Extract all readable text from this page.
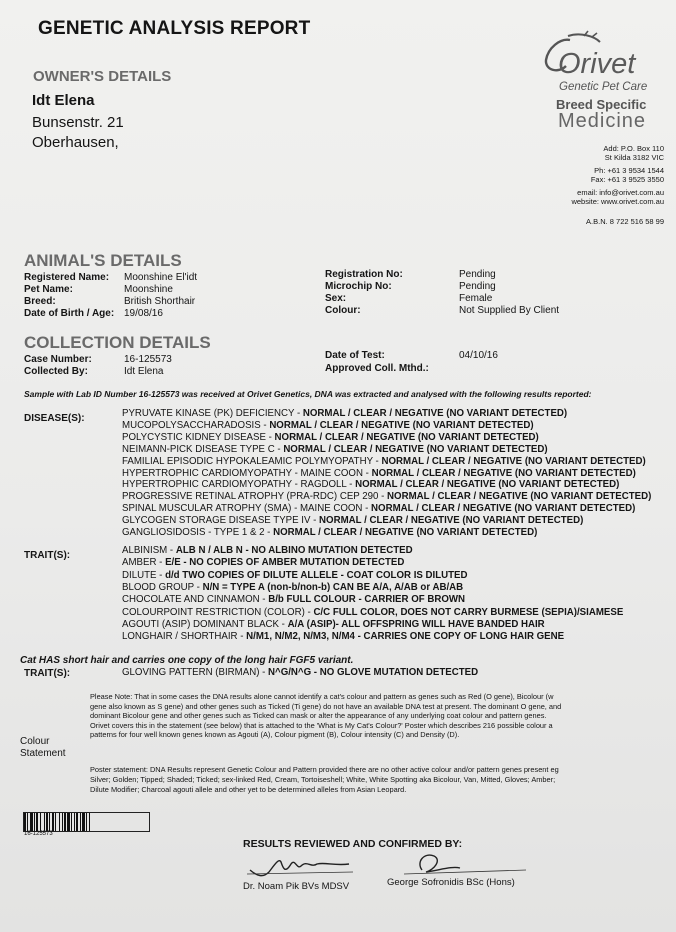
GENETIC ANALYSIS REPORT
OWNER'S DETAILS
Idt Elena
Bunsenstr. 21
Oberhausen,
Orivet
Genetic Pet Care
Breed Specific
Medicine
Add: P.O. Box 110
St Kilda 3182 VIC
Ph: +61 3 9534 1544
Fax: +61 3 9525 3550
email: info@orivet.com.au
website: www.orivet.com.au
A.B.N. 8 722 516 58 99
ANIMAL'S DETAILS
Registered Name: Moonshine El'idt
Pet Name:	Moonshine
Breed:	British Shorthair
Date of Birth / Age: 19/08/16
Registration No:	Pending
Microchip No:	Pending
Sex:	Female
Colour:	Not Supplied By Client
COLLECTION DETAILS
Case Number:	16-125573
Collected By:	Idt Elena
Date of Test:	04/10/16
Approved Coll. Mthd.:
Sample with Lab ID Number 16-125573 was received at Orivet Genetics, DNA was extracted and analysed with the following results reported:
DISEASE(S):	PYRUVATE KINASE (PK) DEFICIENCY - NORMAL / CLEAR / NEGATIVE (NO VARIANT DETECTED)
MUCOPOLYSACCHARADOSIS - NORMAL / CLEAR / NEGATIVE (NO VARIANT DETECTED)
POLYCYSTIC KIDNEY DISEASE - NORMAL / CLEAR / NEGATIVE (NO VARIANT DETECTED)
NEIMANN-PICK DISEASE TYPE C - NORMAL / CLEAR / NEGATIVE (NO VARIANT DETECTED)
FAMILIAL EPISODIC HYPOKALEAMIC POLYMYOPATHY - NORMAL / CLEAR / NEGATIVE (NO VARIANT DETECTED)
HYPERTROPHIC CARDIOMYOPATHY - MAINE COON - NORMAL / CLEAR / NEGATIVE (NO VARIANT DETECTED)
HYPERTROPHIC CARDIOMYOPATHY - RAGDOLL - NORMAL / CLEAR / NEGATIVE (NO VARIANT DETECTED)
PROGRESSIVE RETINAL ATROPHY (PRA-RDC) CEP 290 - NORMAL / CLEAR / NEGATIVE (NO VARIANT DETECTED)
SPINAL MUSCULAR ATROPHY (SMA) - MAINE COON - NORMAL / CLEAR / NEGATIVE (NO VARIANT DETECTED)
GLYCOGEN STORAGE DISEASE TYPE IV - NORMAL / CLEAR / NEGATIVE (NO VARIANT DETECTED)
GANGLIOSIDOSIS - TYPE 1 & 2 - NORMAL / CLEAR / NEGATIVE (NO VARIANT DETECTED)
TRAIT(S):	ALBINISM - ALB N / ALB N - NO ALBINO MUTATION DETECTED
AMBER - E/E - NO COPIES OF AMBER MUTATION DETECTED
DILUTE - d/d TWO COPIES OF DILUTE ALLELE - COAT COLOR IS DILUTED
BLOOD GROUP - N/N = TYPE A (non-b/non-b) CAN BE A/A, A/AB or AB/AB
CHOCOLATE AND CINNAMON - B/b FULL COLOUR - CARRIER OF BROWN
COLOURPOINT RESTRICTION (COLOR) - C/C FULL COLOR, DOES NOT CARRY BURMESE (SEPIA)/SIAMESE
AGOUTI (ASIP) DOMINANT BLACK - A/A (ASIP)- ALL OFFSPRING WILL HAVE BANDED HAIR
LONGHAIR / SHORTHAIR - N/M1, N/M2, N/M3, N/M4 - CARRIES ONE COPY OF LONG HAIR GENE
Cat HAS short hair and carries one copy of the long hair FGF5 variant.
TRAIT(S):	GLOVING PATTERN (BIRMAN) - N^G/N^G - NO GLOVE MUTATION DETECTED
Colour
Statement
Please Note: That in some cases the DNA results alone cannot identify a cat's colour and pattern as genes such as Red (O gene), Bicolour (w
gene also known as S gene) and other genes such as Ticked (Ti gene) do not have an available DNA test at present. The dominant O gene, and
dominant Bicolour gene and other genes such as Ticked can mask or alter the appearance of any underlying coat colour and pattern genes.
Orivet covers this in the statement (see below) that is attached to the 'What is My Cat's Colour?' Poster which describes 216 possible colour a
patterns for four well known genes known as Agouti (A), Colour pigment (B), Colour intensity (C) and Density (D).
Poster statement: DNA Results represent Genetic Colour and Pattern provided there are no other active colour and/or pattern genes present eg
Silver; Golden; Tipped; Shaded; Ticked; sex-linked Red, Cream, Tortoiseshell; White, White Spotting aka Bicolour, Van, Mitted, Gloves; Amber;
Dilute Modifier; Charcoal agouti allele and other yet to be determined alleles from Asian Leopard.
16-125573
RESULTS REVIEWED AND CONFIRMED BY:
Dr. Noam Pik BVs MDSV	George Sofronidis BSc (Hons)
